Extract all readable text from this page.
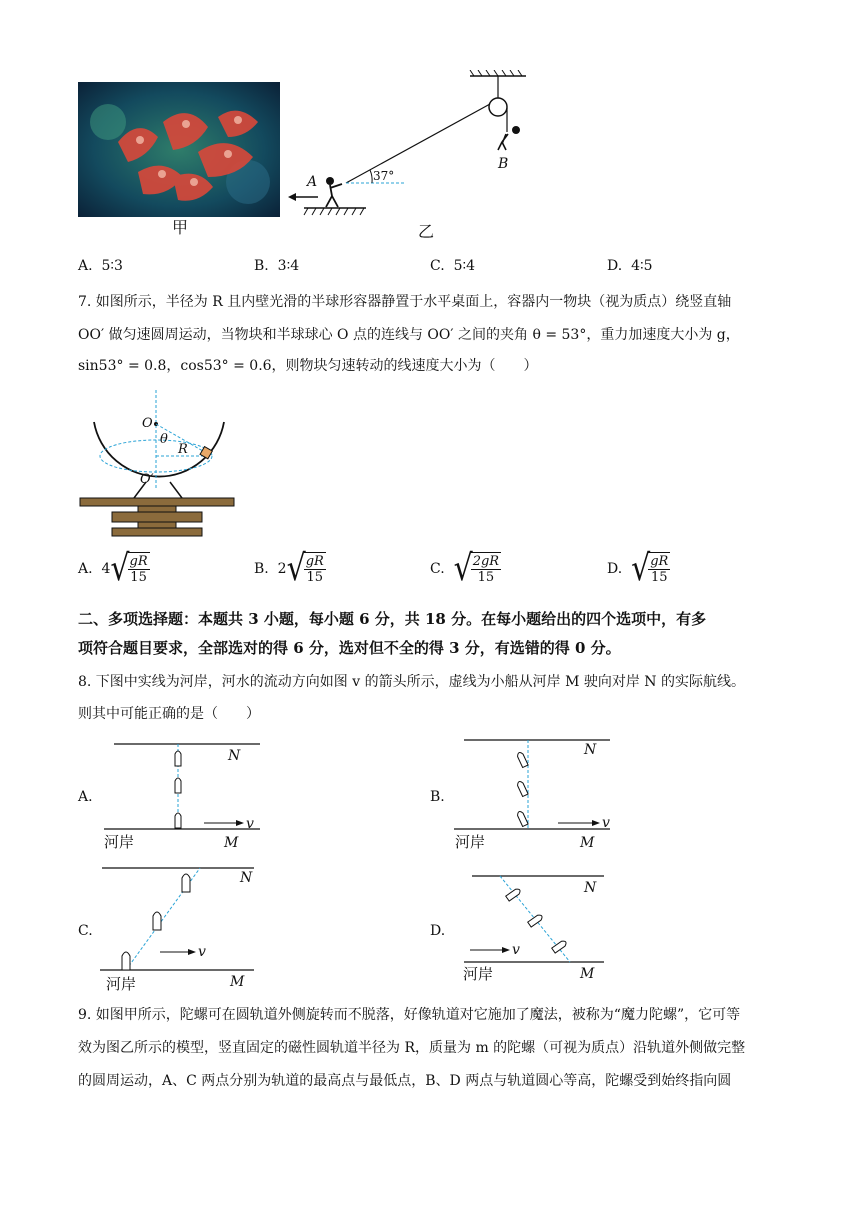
甲
A
B
37°
乙
A. 5∶3	B. 3∶4	C. 5∶4	D. 4∶5
7. 如图所示，半径为 R 且内壁光滑的半球形容器静置于水平桌面上，容器内一物块（视为质点）绕竖直轴
OO′ 做匀速圆周运动，当物块和半球球心 O 点的连线与 OO′ 之间的夹角 θ = 53°，重力加速度大小为 g，
sin53° = 0.8，cos53° = 0.6，则物块匀速转动的线速度大小为（　　）
O
θ
R
O′
A.
4 √
$\frac{gR}{15}$	B.
2 √
$\frac{gR}{15}$	C.
√
$\frac{2gR}{15}$	D.
√
$\frac{gR}{15}$
二、多项选择题：本题共 3 小题，每小题 6 分，共 18 分。在每小题给出的四个选项中，有多
项符合题目要求，全部选对的得 6 分，选对但不全的得 3 分，有选错的得 0 分。
8. 下图中实线为河岸，河水的流动方向如图 v 的箭头所示，虚线为小船从河岸 M 驶向对岸 N 的实际航线。
则其中可能正确的是（　　）
A.
N
v
河岸	M
B.
N
v
河岸	M
C.
N
v
河岸	M
D.
N
v
河岸	M
9. 如图甲所示，陀螺可在圆轨道外侧旋转而不脱落，好像轨道对它施加了魔法，被称为“魔力陀螺”，它可等
效为图乙所示的模型，竖直固定的磁性圆轨道半径为 R，质量为 m 的陀螺（可视为质点）沿轨道外侧做完整
的圆周运动，A、C 两点分别为轨道的最高点与最低点，B、D 两点与轨道圆心等高，陀螺受到始终指向圆
